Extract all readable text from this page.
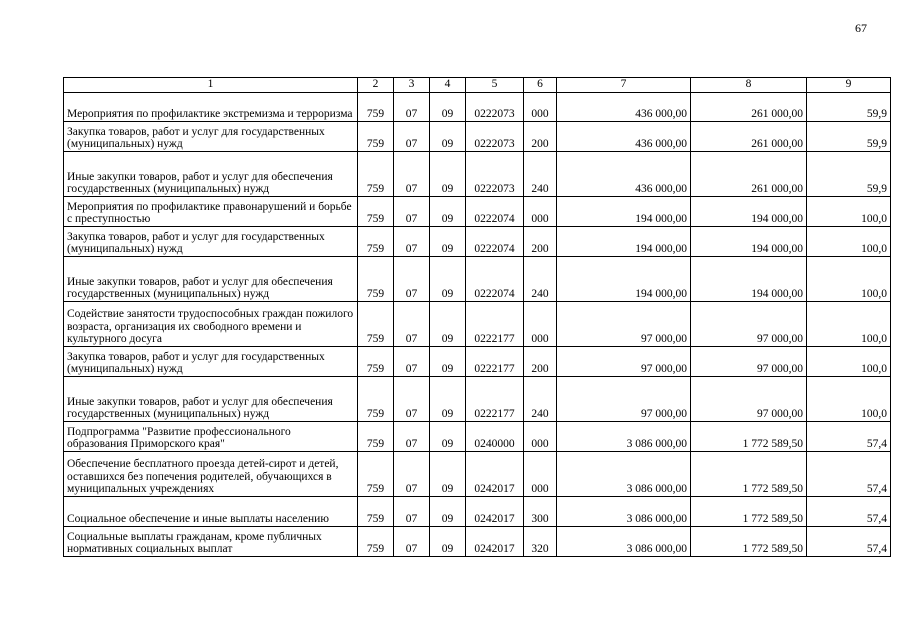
67
1	2	3	4	5	6	7	8	9
Мероприятия по профилактике экстремизма и терроризма	759	07	09	0222073	000	436 000,00	261 000,00	59,9
Закупка товаров, работ и услуг для государственных (муниципальных) нужд	759	07	09	0222073	200	436 000,00	261 000,00	59,9
Иные закупки товаров, работ и услуг для обеспечения государственных (муниципальных) нужд	759	07	09	0222073	240	436 000,00	261 000,00	59,9
Мероприятия по профилактике правонарушений и борьбе с преступностью	759	07	09	0222074	000	194 000,00	194 000,00	100,0
Закупка товаров, работ и услуг для государственных (муниципальных) нужд	759	07	09	0222074	200	194 000,00	194 000,00	100,0
Иные закупки товаров, работ и услуг для обеспечения государственных (муниципальных) нужд	759	07	09	0222074	240	194 000,00	194 000,00	100,0
Содействие занятости трудоспособных граждан пожилого возраста, организация их свободного времени и культурного досуга	759	07	09	0222177	000	97 000,00	97 000,00	100,0
Закупка товаров, работ и услуг для государственных (муниципальных) нужд	759	07	09	0222177	200	97 000,00	97 000,00	100,0
Иные закупки товаров, работ и услуг для обеспечения государственных (муниципальных) нужд	759	07	09	0222177	240	97 000,00	97 000,00	100,0
Подпрограмма "Развитие профессионального образования Приморского края"	759	07	09	0240000	000	3 086 000,00	1 772 589,50	57,4
Обеспечение бесплатного проезда детей-сирот и детей, оставшихся без попечения родителей, обучающихся в муниципальных учреждениях	759	07	09	0242017	000	3 086 000,00	1 772 589,50	57,4
Социальное обеспечение и иные выплаты населению	759	07	09	0242017	300	3 086 000,00	1 772 589,50	57,4
Социальные выплаты гражданам, кроме публичных нормативных социальных выплат	759	07	09	0242017	320	3 086 000,00	1 772 589,50	57,4
